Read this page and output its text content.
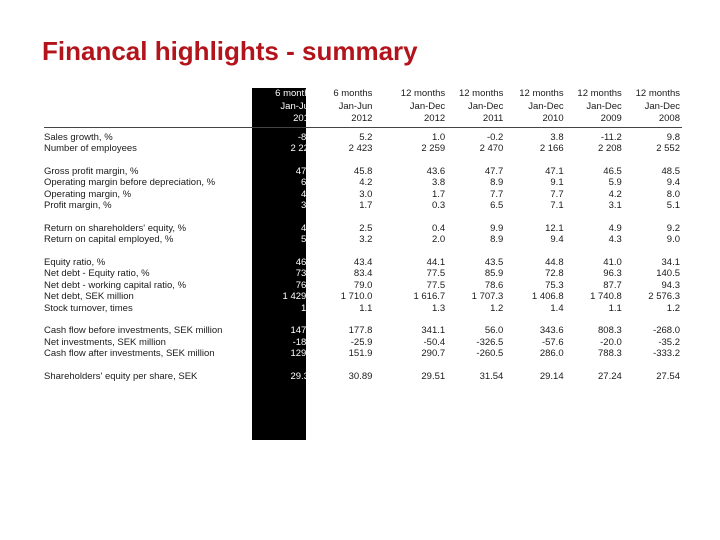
Financal highlights - summary
	6 months	6 months	12 months	12 months	12 months	12 months	12 months
	Jan-Jun	Jan-Jun	Jan-Dec	Jan-Dec	Jan-Dec	Jan-Dec	Jan-Dec
	2013	2012	2012	2011	2010	2009	2008

Sales growth, %	-8.7	5.2	1.0	-0.2	3.8	-11.2	9.8
Number of employees	2 222	2 423	2 259	2 470	2 166	2 208	2 552

Gross profit margin, %	47.3	45.8	43.6	47.7	47.1	46.5	48.5
Operating margin before depreciation, %	6.0	4.2	3.8	8.9	9.1	5.9	9.4
Operating margin, %	4.6	3.0	1.7	7.7	7.7	4.2	8.0
Profit margin, %	3.0	1.7	0.3	6.5	7.1	3.1	5.1

Return on shareholders' equity, %	4.0	2.5	0.4	9.9	12.1	4.9	9.2
Return on capital employed, %	5.0	3.2	2.0	8.9	9.4	4.3	9.0

Equity ratio, %	46.0	43.4	44.1	43.5	44.8	41.0	34.1
Net debt - Equity ratio, %	73.3	83.4	77.5	85.9	72.8	96.3	140.5
Net debt - working capital ratio, %	76.9	79.0	77.5	78.6	75.3	87.7	94.3
Net debt, SEK million	1 429.3	1 710.0	1 616.7	1 707.3	1 406.8	1 740.8	2 576.3
Stock turnover, times	1.2	1.1	1.3	1.2	1.4	1.1	1.2

Cash flow before investments, SEK million	147.9	177.8	341.1	56.0	343.6	808.3	-268.0
Net investments, SEK million	-18.6	-25.9	-50.4	-326.5	-57.6	-20.0	-35.2
Cash flow after investments, SEK million	129.3	151.9	290.7	-260.5	286.0	788.3	-333.2

Shareholders' equity per share, SEK	29.38	30.89	29.51	31.54	29.14	27.24	27.54
